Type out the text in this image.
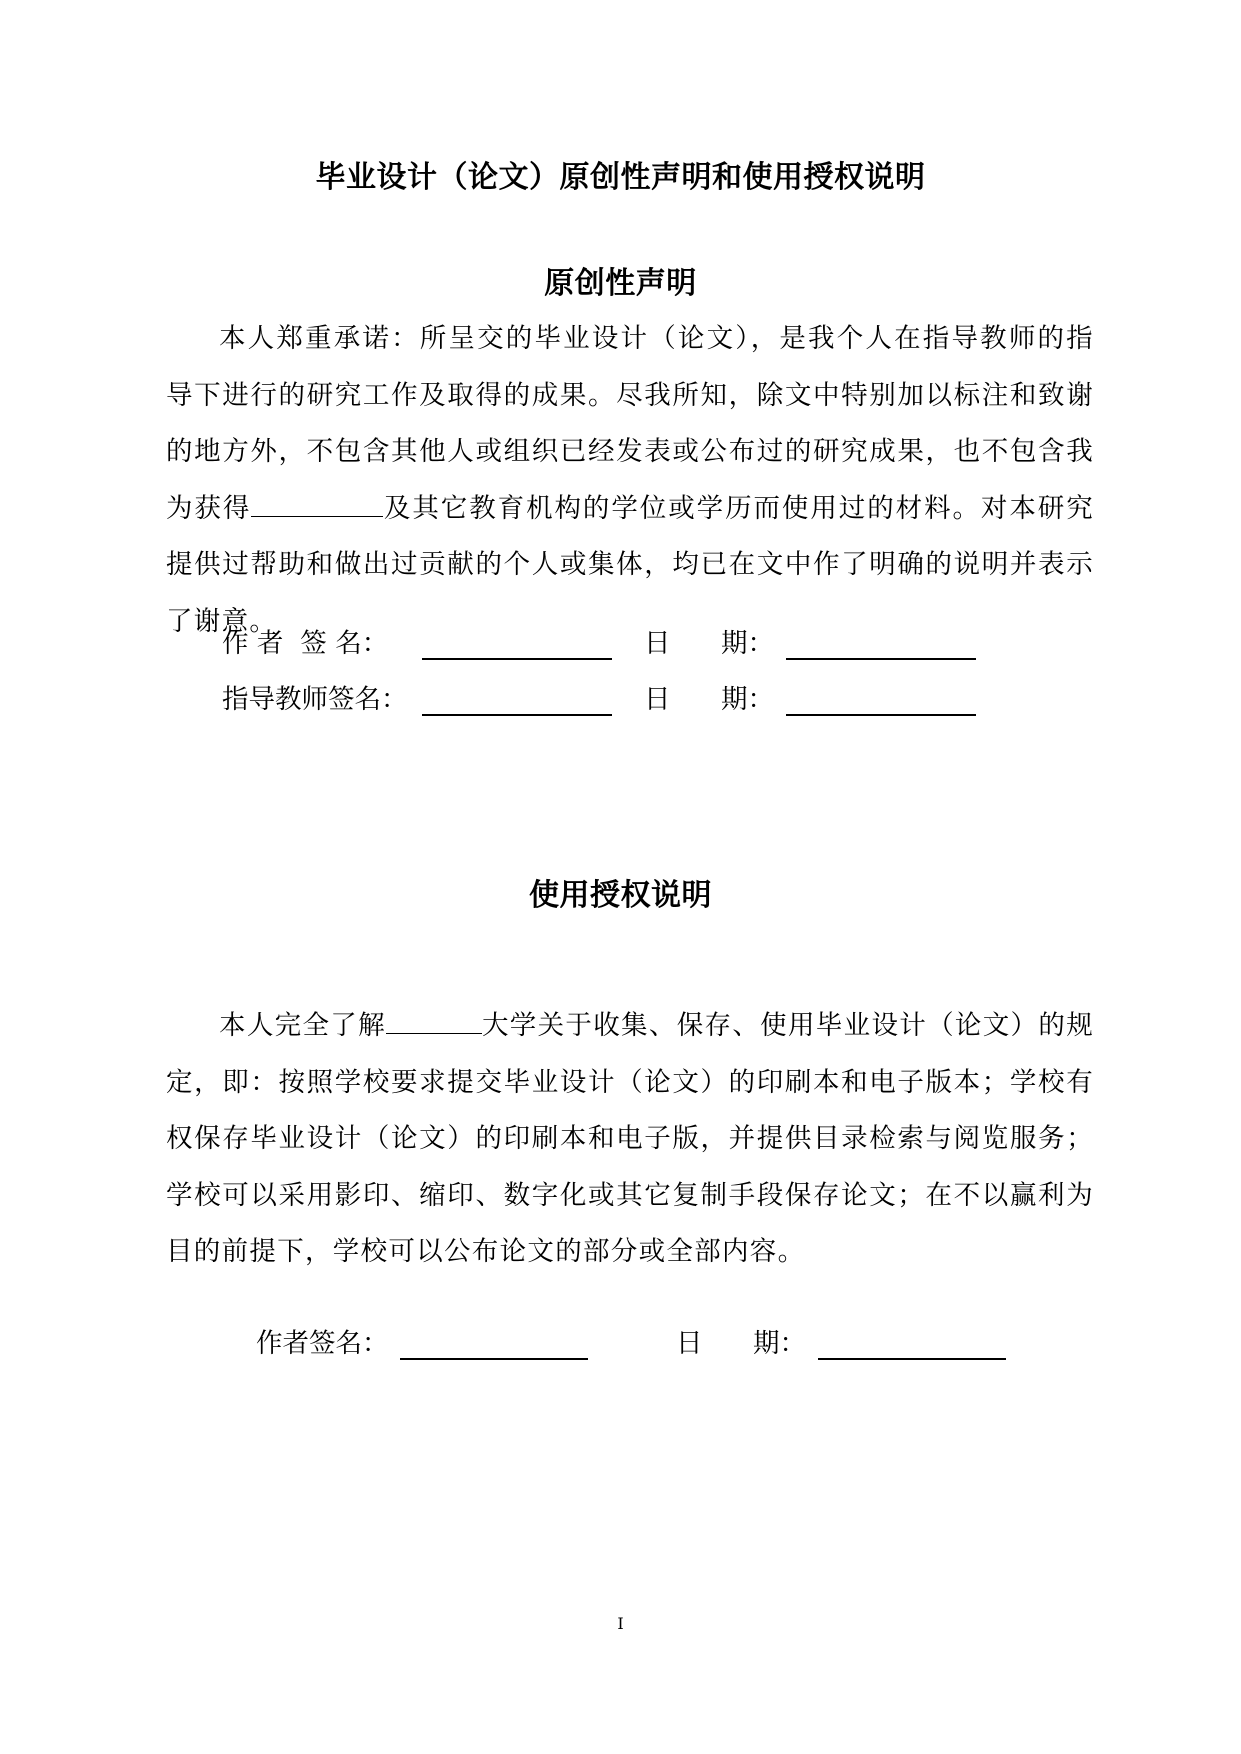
毕业设计（论文）原创性声明和使用授权说明
原创性声明

本人郑重承诺：所呈交的毕业设计（论文），是我个人在指导教师的指导下进行的研究工作及取得的成果。尽我所知，除文中特别加以标注和致谢的地方外，不包含其他人或组织已经发表或公布过的研究成果，也不包含我为获得	及其它教育机构的学位或学历而使用过的材料。对本研究提供过帮助和做出过贡献的个人或集体，均已在文中作了明确的说明并表示了谢意。

作 者  签 名：	日      期：
指导教师签名：	日      期：
使用授权说明

本人完全了解	大学关于收集、保存、使用毕业设计（论文）的规定，即：按照学校要求提交毕业设计（论文）的印刷本和电子版本；学校有权保存毕业设计（论文）的印刷本和电子版，并提供目录检索与阅览服务；学校可以采用影印、缩印、数字化或其它复制手段保存论文；在不以赢利为目的前提下，学校可以公布论文的部分或全部内容。

作者签名：	日      期：
I
